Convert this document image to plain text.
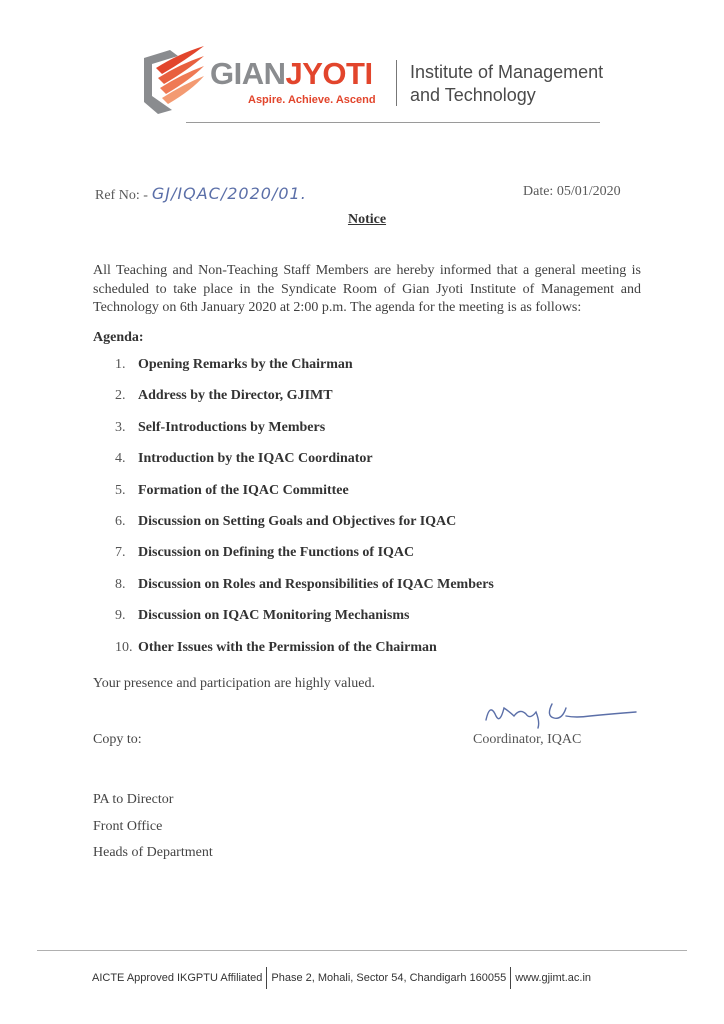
GIANJYOTI
Aspire. Achieve. Ascend
Institute of Management
and Technology
Ref No: - GJ/IQAC/2020/01.	Date: 05/01/2020
Notice
All Teaching and Non-Teaching Staff Members are hereby informed that a general meeting is scheduled to take place in the Syndicate Room of Gian Jyoti Institute of Management and Technology on 6th January 2020 at 2:00 p.m. The agenda for the meeting is as follows:
Agenda:
1. Opening Remarks by the Chairman
2. Address by the Director, GJIMT
3. Self-Introductions by Members
4. Introduction by the IQAC Coordinator
5. Formation of the IQAC Committee
6. Discussion on Setting Goals and Objectives for IQAC
7. Discussion on Defining the Functions of IQAC
8. Discussion on Roles and Responsibilities of IQAC Members
9. Discussion on IQAC Monitoring Mechanisms
10. Other Issues with the Permission of the Chairman
Your presence and participation are highly valued.
Coordinator, IQAC
Copy to:
PA to Director
Front Office
Heads of Department
AICTE Approved IKGPTU Affiliated Phase 2, Mohali, Sector 54, Chandigarh 160055 www.gjimt.ac.in
